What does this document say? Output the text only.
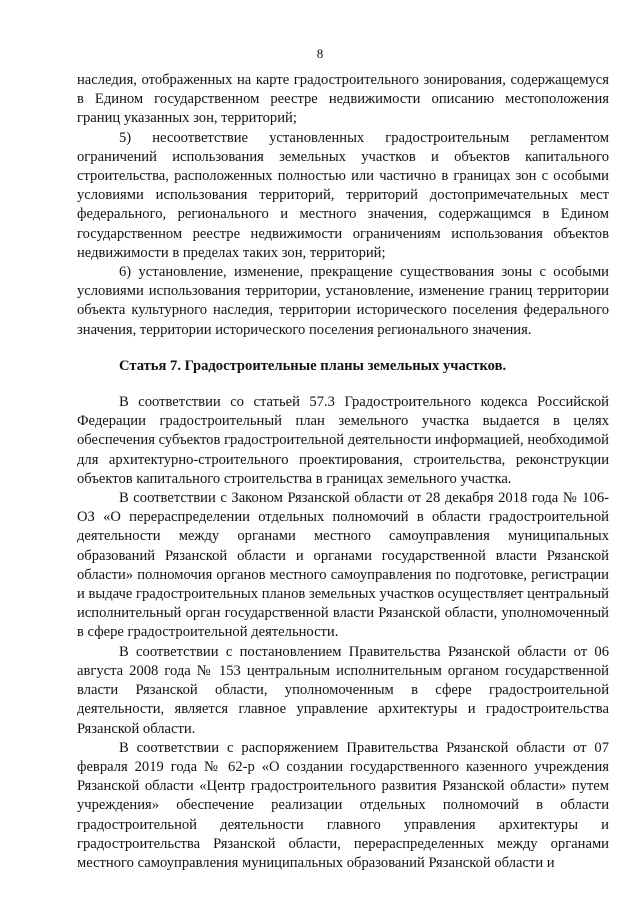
8

наследия, отображенных на карте градостроительного зонирования, содержащемуся в Едином государственном реестре недвижимости описанию местоположения границ указанных зон, территорий;

5) несоответствие установленных градостроительным регламентом ограничений использования земельных участков и объектов капитального строительства, расположенных полностью или частично в границах зон с особыми условиями использования территорий, территорий достопримечательных мест федерального, регионального и местного значения, содержащимся в Едином государственном реестре недвижимости ограничениям использования объектов недвижимости в пределах таких зон, территорий;

6) установление, изменение, прекращение существования зоны с особыми условиями использования территории, установление, изменение границ территории объекта культурного наследия, территории исторического поселения федерального значения, территории исторического поселения регионального значения.

Статья 7. Градостроительные планы земельных участков.

В соответствии со статьей 57.3 Градостроительного кодекса Российской Федерации градостроительный план земельного участка выдается в целях обеспечения субъектов градостроительной деятельности информацией, необходимой для архитектурно-строительного проектирования, строительства, реконструкции объектов капитального строительства в границах земельного участка.

В соответствии с Законом Рязанской области от 28 декабря 2018 года № 106-ОЗ «О перераспределении отдельных полномочий в области градостроительной деятельности между органами местного самоуправления муниципальных образований Рязанской области и органами государственной власти Рязанской области» полномочия органов местного самоуправления по подготовке, регистрации и выдаче градостроительных планов земельных участков осуществляет центральный исполнительный орган государственной власти Рязанской области, уполномоченный в сфере градостроительной деятельности.

В соответствии с постановлением Правительства Рязанской области от 06 августа 2008 года № 153 центральным исполнительным органом государственной власти Рязанской области, уполномоченным в сфере градостроительной деятельности, является главное управление архитектуры и градостроительства Рязанской области.

В соответствии с распоряжением Правительства Рязанской области от 07 февраля 2019 года № 62-р «О создании государственного казенного учреждения Рязанской области «Центр градостроительного развития Рязанской области» путем учреждения» обеспечение реализации отдельных полномочий в области градостроительной деятельности главного управления архитектуры и градостроительства Рязанской области, перераспределенных между органами местного самоуправления муниципальных образований Рязанской области и
